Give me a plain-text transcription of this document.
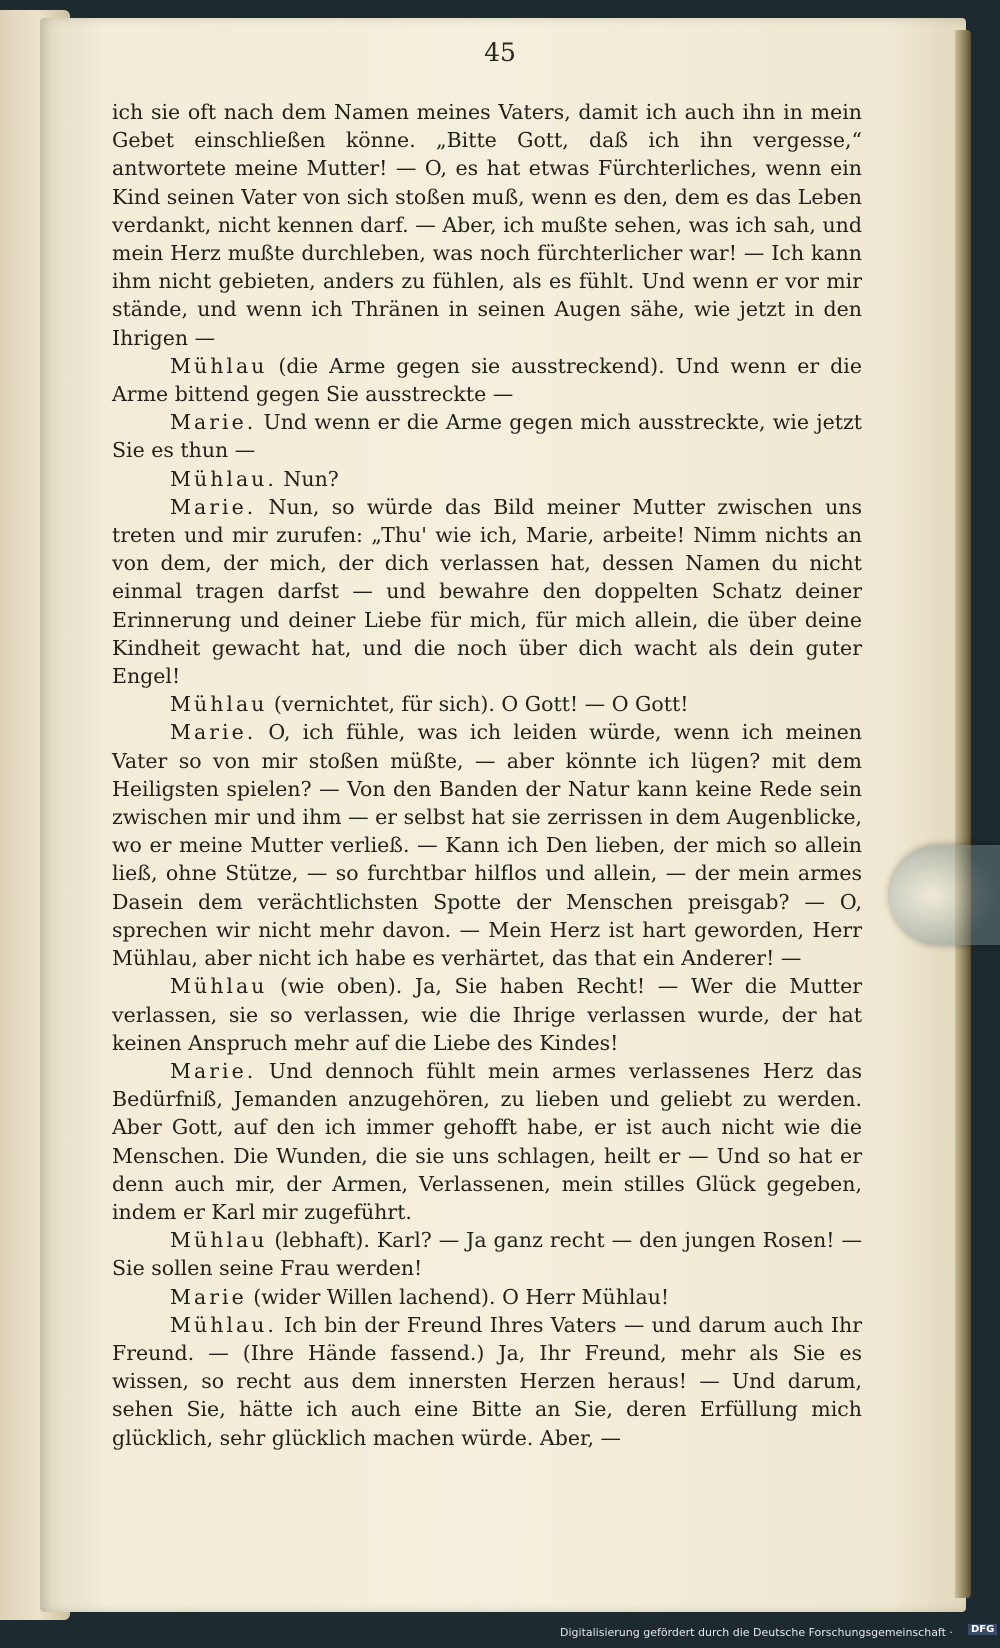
45

ich sie oft nach dem Namen meines Vaters, damit ich auch ihn in mein Gebet einschließen könne. „Bitte Gott, daß ich ihn vergesse,“ antwortete meine Mutter! — O, es hat etwas Fürchterliches, wenn ein Kind seinen Vater von sich stoßen muß, wenn es den, dem es das Leben verdankt, nicht kennen darf. — Aber, ich mußte sehen, was ich sah, und mein Herz mußte durchleben, was noch fürchterlicher war! — Ich kann ihm nicht gebieten, anders zu fühlen, als es fühlt. Und wenn er vor mir stände, und wenn ich Thränen in seinen Augen sähe, wie jetzt in den Ihrigen —

Mühlau (die Arme gegen sie ausstreckend). Und wenn er die Arme bittend gegen Sie ausstreckte —

Marie. Und wenn er die Arme gegen mich ausstreckte, wie jetzt Sie es thun —

Mühlau. Nun?

Marie. Nun, so würde das Bild meiner Mutter zwischen uns treten und mir zurufen: „Thu' wie ich, Marie, arbeite! Nimm nichts an von dem, der mich, der dich verlassen hat, dessen Namen du nicht einmal tragen darfst — und bewahre den doppelten Schatz deiner Erinnerung und deiner Liebe für mich, für mich allein, die über deine Kindheit gewacht hat, und die noch über dich wacht als dein guter Engel!

Mühlau (vernichtet, für sich). O Gott! — O Gott!

Marie. O, ich fühle, was ich leiden würde, wenn ich meinen Vater so von mir stoßen müßte, — aber könnte ich lügen? mit dem Heiligsten spielen? — Von den Banden der Natur kann keine Rede sein zwischen mir und ihm — er selbst hat sie zerrissen in dem Augenblicke, wo er meine Mutter verließ. — Kann ich Den lieben, der mich so allein ließ, ohne Stütze, — so furchtbar hilflos und allein, — der mein armes Dasein dem verächtlichsten Spotte der Menschen preisgab? — O, sprechen wir nicht mehr davon. — Mein Herz ist hart geworden, Herr Mühlau, aber nicht ich habe es verhärtet, das that ein Anderer! —

Mühlau (wie oben). Ja, Sie haben Recht! — Wer die Mutter verlassen, sie so verlassen, wie die Ihrige verlassen wurde, der hat keinen Anspruch mehr auf die Liebe des Kindes!

Marie. Und dennoch fühlt mein armes verlassenes Herz das Bedürfniß, Jemanden anzugehören, zu lieben und geliebt zu werden. Aber Gott, auf den ich immer gehofft habe, er ist auch nicht wie die Menschen. Die Wunden, die sie uns schlagen, heilt er — Und so hat er denn auch mir, der Armen, Verlassenen, mein stilles Glück gegeben, indem er Karl mir zugeführt.

Mühlau (lebhaft). Karl? — Ja ganz recht — den jungen Rosen! — Sie sollen seine Frau werden!

Marie (wider Willen lachend). O Herr Mühlau!

Mühlau. Ich bin der Freund Ihres Vaters — und darum auch Ihr Freund. — (Ihre Hände fassend.) Ja, Ihr Freund, mehr als Sie es wissen, so recht aus dem innersten Herzen heraus! — Und darum, sehen Sie, hätte ich auch eine Bitte an Sie, deren Erfüllung mich glücklich, sehr glücklich machen würde. Aber, —

Digitalisierung gefördert durch die Deutsche Forschungsgemeinschaft ·	DFG
